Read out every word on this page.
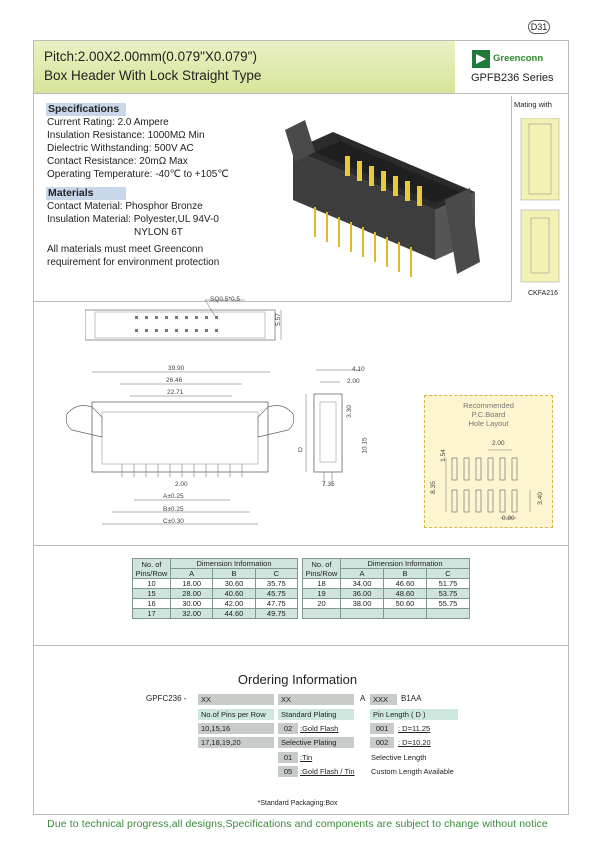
D31
Pitch:2.00X2.00mm(0.079"X0.079")
Box Header With Lock Straight Type
Greenconn
GPFB236 Series
Specifications
Current Rating: 2.0 Ampere
Insulation Resistance: 1000MΩ Min
Dielectric Withstanding: 500V AC
Contact Resistance: 20mΩ Max
Operating Temperature: -40℃ to +105℃
Materials
Contact Material: Phosphor Bronze
Insulation Material: Polyester,UL 94V-0
NYLON 6T
All materials must meet Greenconn
requirement for environment protection
Mating with
CKFA216
SQ0.5*0.5
5.57
39.90
26.46
22.71
2.00
A±0.25
B±0.25
C±0.30
4.10
2.00
3.30
10.15
D
7.35
Recommended
P.C.Board
Hole Layout
2.00
1.54
8.35
3.40
0.80
No. of Pins/Row	Dimension Information		
	A	B	C
10	18.00	30.60	35.75
15	28.00	40.60	45.75
16	30.00	42.00	47.75
17	32.00	44.60	49.75
No. of Pins/Row	Dimension Information		
	A	B	C
18	34.00	46.60	51.75
19	36.00	48.60	53.75
20	38.00	50.60	55.75

Ordering Information
GPFC236 -	XX	XX	A	XXX	B1AA
No.of Pins per Row
10,15,16
17,18,19,20
Standard Plating
02	:Gold Flash
Selective Plating
01	:Tin
05	:Gold Flash / Tin
Pin Length ( D )
001	: D=11.25
002	: D=10.20
Selective Length
Custom Length Available
*Standard Packaging:Box
Due to technical progress,all designs,Specifications and components are subject to change without notice
